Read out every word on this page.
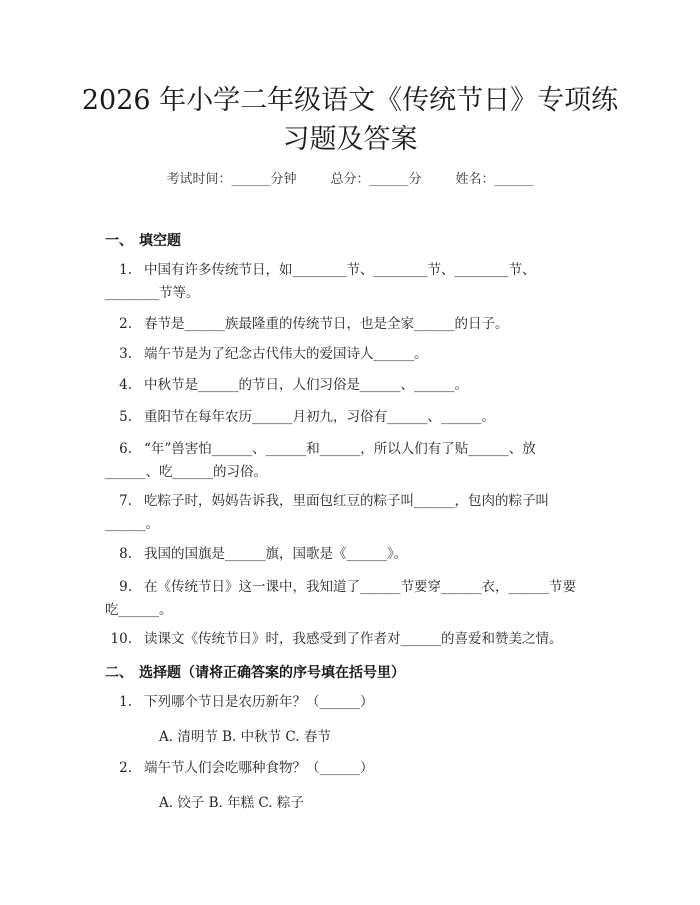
2026 年小学二年级语文《传统节日》专项练
习题及答案
考试时间：______分钟	总分：______分	姓名：______
一、 填空题
1. 中国有许多传统节日，如________节、________节、________节、
________节等。
2. 春节是______族最隆重的传统节日，也是全家______的日子。
3. 端午节是为了纪念古代伟大的爱国诗人______。
4. 中秋节是______的节日，人们习俗是______、______。
5. 重阳节在每年农历______月初九，习俗有______、______。
6. “年”兽害怕______、______和______，所以人们有了贴______、放
______、吃______的习俗。
7. 吃粽子时，妈妈告诉我，里面包红豆的粽子叫______，包肉的粽子叫
______。
8. 我国的国旗是______旗，国歌是《______》。
9. 在《传统节日》这一课中，我知道了______节要穿______衣，______节要
吃______。
10. 读课文《传统节日》时，我感受到了作者对______的喜爱和赞美之情。
二、 选择题（请将正确答案的序号填在括号里）
1. 下列哪个节日是农历新年？（______）
A. 清明节 B. 中秋节 C. 春节
2. 端午节人们会吃哪种食物？（______）
A. 饺子 B. 年糕 C. 粽子
